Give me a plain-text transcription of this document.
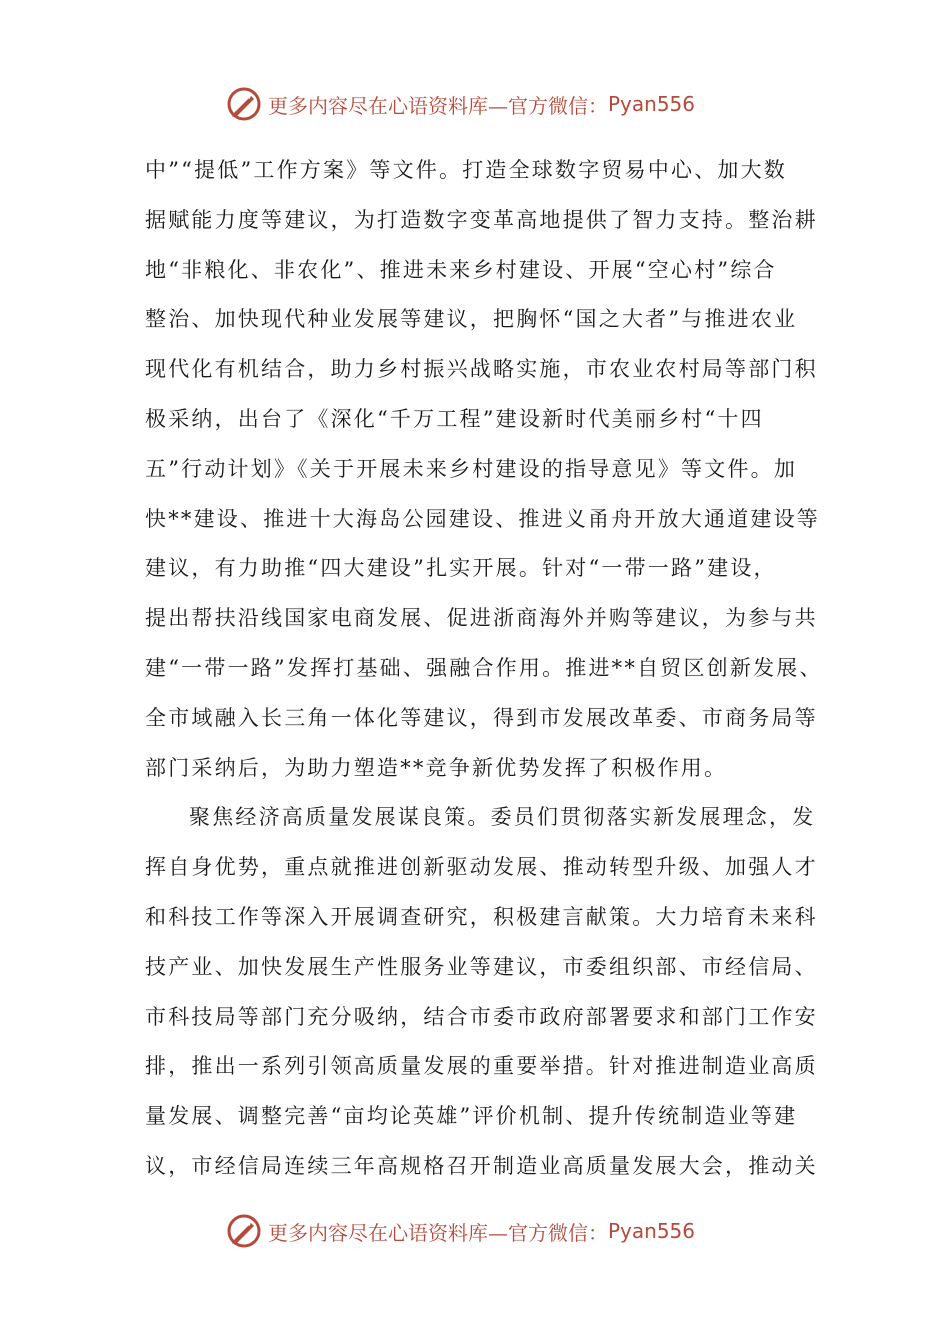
更多内容尽在心语资料库—官方微信： Pyan556
中”“提低”工作方案》等文件。打造全球数字贸易中心、加大数
据赋能力度等建议，为打造数字变革高地提供了智力支持。整治耕
地“非粮化、非农化”、推进未来乡村建设、开展“空心村”综合
整治、加快现代种业发展等建议，把胸怀“国之大者”与推进农业
现代化有机结合，助力乡村振兴战略实施，市农业农村局等部门积
极采纳，出台了《深化“千万工程”建设新时代美丽乡村“十四
五”行动计划》《关于开展未来乡村建设的指导意见》等文件。加
快**建设、推进十大海岛公园建设、推进义甬舟开放大通道建设等
建议，有力助推“四大建设”扎实开展。针对“一带一路”建设，
提出帮扶沿线国家电商发展、促进浙商海外并购等建议，为参与共
建“一带一路”发挥打基础、强融合作用。推进**自贸区创新发展、
全市域融入长三角一体化等建议，得到市发展改革委、市商务局等
部门采纳后，为助力塑造**竞争新优势发挥了积极作用。
聚焦经济高质量发展谋良策。委员们贯彻落实新发展理念，发
挥自身优势，重点就推进创新驱动发展、推动转型升级、加强人才
和科技工作等深入开展调查研究，积极建言献策。大力培育未来科
技产业、加快发展生产性服务业等建议，市委组织部、市经信局、
市科技局等部门充分吸纳，结合市委市政府部署要求和部门工作安
排，推出一系列引领高质量发展的重要举措。针对推进制造业高质
量发展、调整完善“亩均论英雄”评价机制、提升传统制造业等建
议，市经信局连续三年高规格召开制造业高质量发展大会，推动关
更多内容尽在心语资料库—官方微信： Pyan556
